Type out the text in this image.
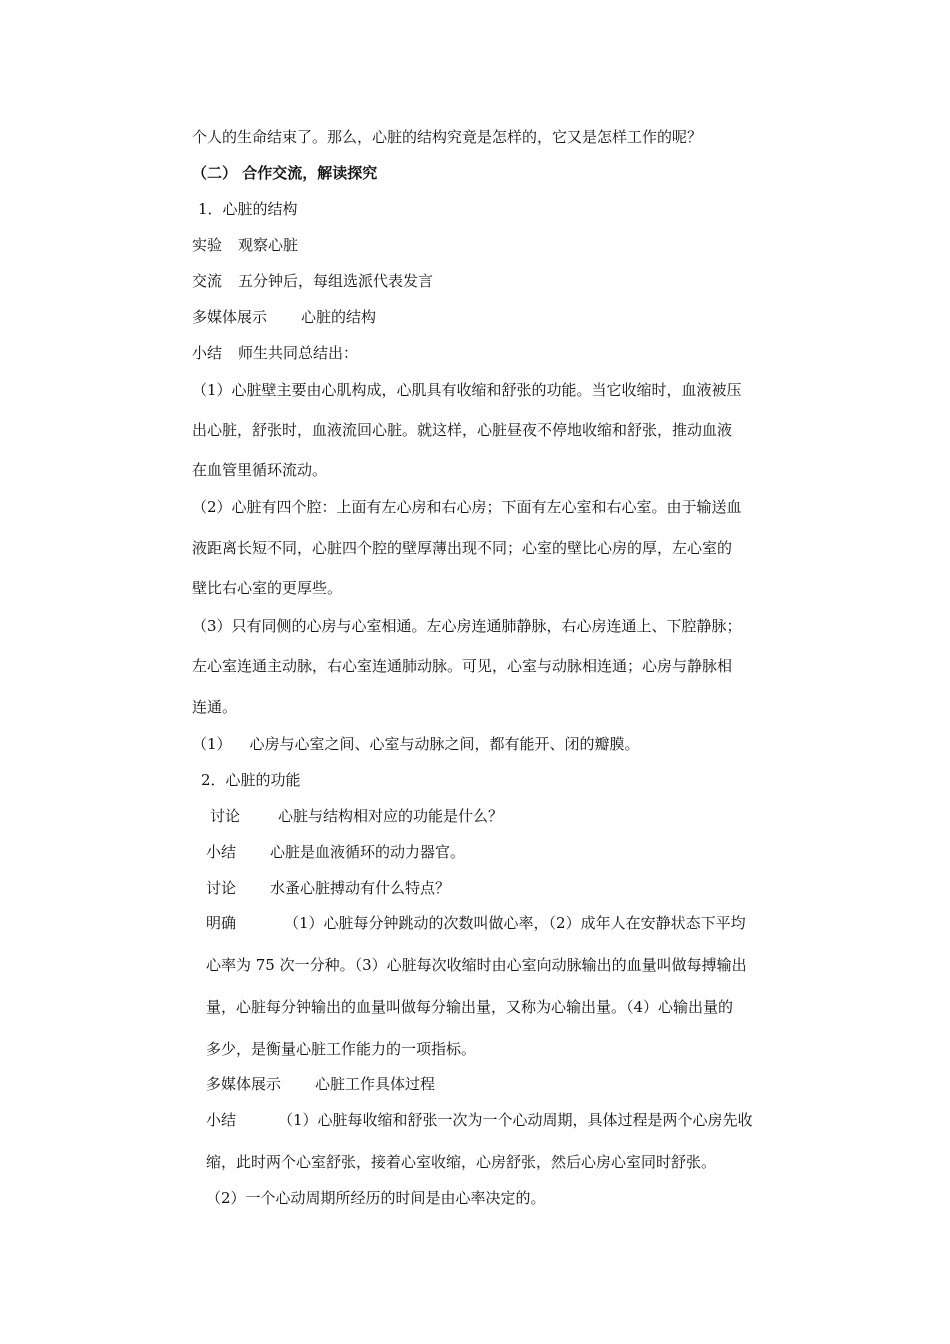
个人的生命结束了。那么，心脏的结构究竟是怎样的，它又是怎样工作的呢？
（二） 合作交流，解读探究
1．心脏的结构
实验 观察心脏
交流 五分钟后，每组选派代表发言
多媒体展示 心脏的结构
小结 师生共同总结出：
（1）心脏壁主要由心肌构成，心肌具有收缩和舒张的功能。当它收缩时，血液被压
出心脏，舒张时，血液流回心脏。就这样，心脏昼夜不停地收缩和舒张，推动血液
在血管里循环流动。
（2）心脏有四个腔：上面有左心房和右心房；下面有左心室和右心室。由于输送血
液距离长短不同，心脏四个腔的壁厚薄出现不同；心室的壁比心房的厚，左心室的
壁比右心室的更厚些。
（3）只有同侧的心房与心室相通。左心房连通肺静脉，右心房连通上、下腔静脉；
左心室连通主动脉，右心室连通肺动脉。可见，心室与动脉相连通；心房与静脉相
连通。
（1） 心房与心室之间、心室与动脉之间，都有能开、闭的瓣膜。
2．心脏的功能
讨论	心脏与结构相对应的功能是什么？
小结 心脏是血液循环的动力器官。
讨论 水蚤心脏搏动有什么特点？
明确	（1）心脏每分钟跳动的次数叫做心率，（2）成年人在安静状态下平均
心率为 75 次一分种。（3）心脏每次收缩时由心室向动脉输出的血量叫做每搏输出
量，心脏每分钟输出的血量叫做每分输出量，又称为心输出量。（4）心输出量的
多少，是衡量心脏工作能力的一项指标。
多媒体展示 心脏工作具体过程
小结	（1）心脏每收缩和舒张一次为一个心动周期，具体过程是两个心房先收
缩，此时两个心室舒张，接着心室收缩，心房舒张，然后心房心室同时舒张。
（2）一个心动周期所经历的时间是由心率决定的。
